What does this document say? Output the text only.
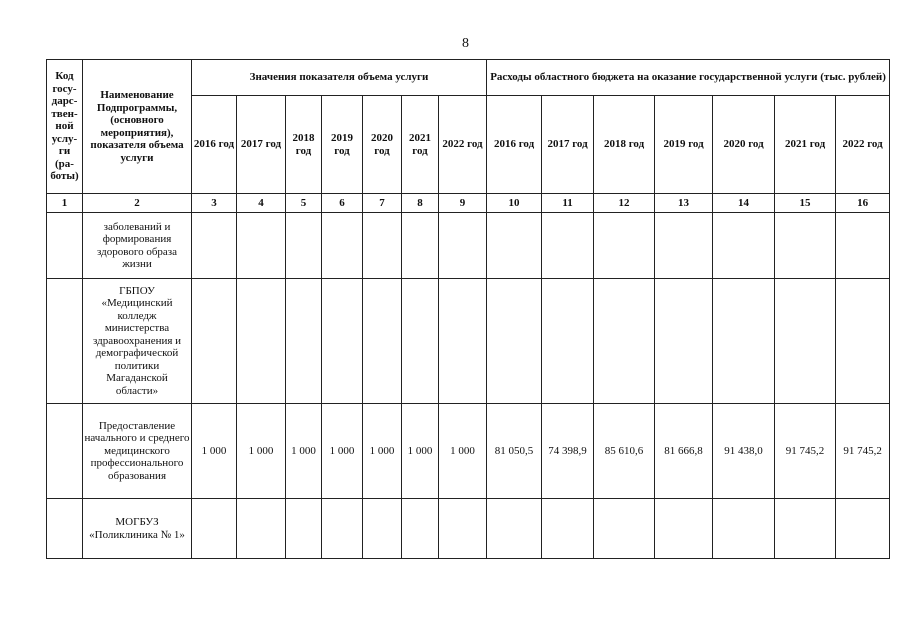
8
Код госу-дарс-твен-ной услу-ги (ра-боты)	Наименование Подпрограммы, (основного мероприятия), показателя объема услуги	Значения показателя объема услуги							Расходы областного бюджета на оказание государственной услуги (тыс. рублей)						
		2016 год	2017 год	2018 год	2019 год	2020 год	2021 год	2022 год	2016 год	2017 год	2018 год	2019 год	2020 год	2021 год	2022 год
1	2	3	4	5	6	7	8	9	10	11	12	13	14	15	16
	заболеваний и формирования здорового образа жизни														
	ГБПОУ «Медицинский колледж министерства здравоохранения и демографической политики Магаданской области»														
	Предоставление начального и среднего медицинского профессионального образования	1 000	1 000	1 000	1 000	1 000	1 000	1 000	81 050,5	74 398,9	85 610,6	81 666,8	91 438,0	91 745,2	91 745,2
	МОГБУЗ «Поликлиника № 1»														
